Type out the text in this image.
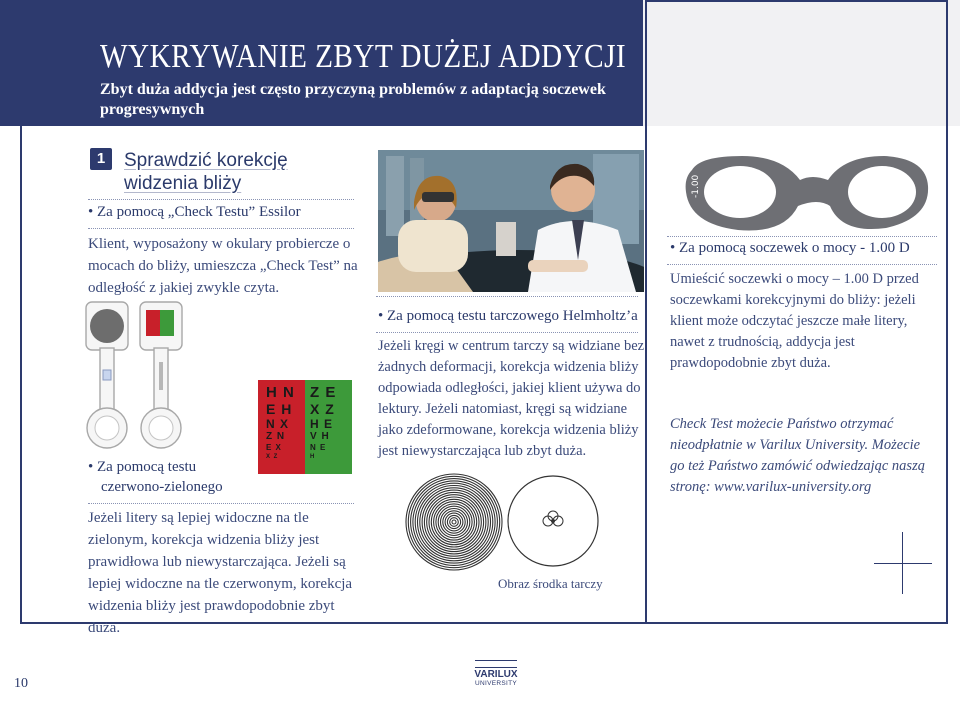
WYKRYWANIE ZBYT DUŻEJ ADDYCJI
Zbyt duża addycja jest często przyczyną problemów z adaptacją soczewek progresywnych
1 Sprawdzić korekcję
widzenia bliży
• Za pomocą „Check Testu” Essilor
Klient, wyposażony w okulary probiercze o mocach do bliży, umieszcza „Check Test” na odległość z jakiej zwykle czyta.
H N Z E
E H X Z
N X H E
Z N V H
E X	N E
X Z	H
• Za pomocą testu
czerwono-zielonego
Jeżeli litery są lepiej widoczne na tle zielonym, korekcja widzenia bliży jest prawidłowa lub niewystarczająca. Jeżeli są lepiej widoczne na tle czerwonym, korekcja widzenia bliży jest prawdopodobnie zbyt duża.
• Za pomocą testu tarczowego Helmholtz’a
Jeżeli kręgi w centrum tarczy są widziane bez żadnych deformacji, korekcja widzenia bliży odpowiada odległości, jakiej klient używa do lektury. Jeżeli natomiast, kręgi są widziane jako zdeformowane, korekcja widzenia bliży jest niewystarczająca lub zbyt duża.
Obraz środka tarczy
-1.00
• Za pomocą soczewek o mocy - 1.00 D
Umieścić soczewki o mocy – 1.00 D przed soczewkami korekcyjnymi do bliży: jeżeli klient może odczytać jeszcze małe litery, nawet z trudnością, addycja jest prawdopodobnie zbyt duża.
Check Test możecie Państwo otrzymać nieodpłatnie w Varilux University. Możecie go też Państwo zamówić odwiedzając naszą stronę: www.varilux-university.org
10
VARILUX
UNIVERSITY
